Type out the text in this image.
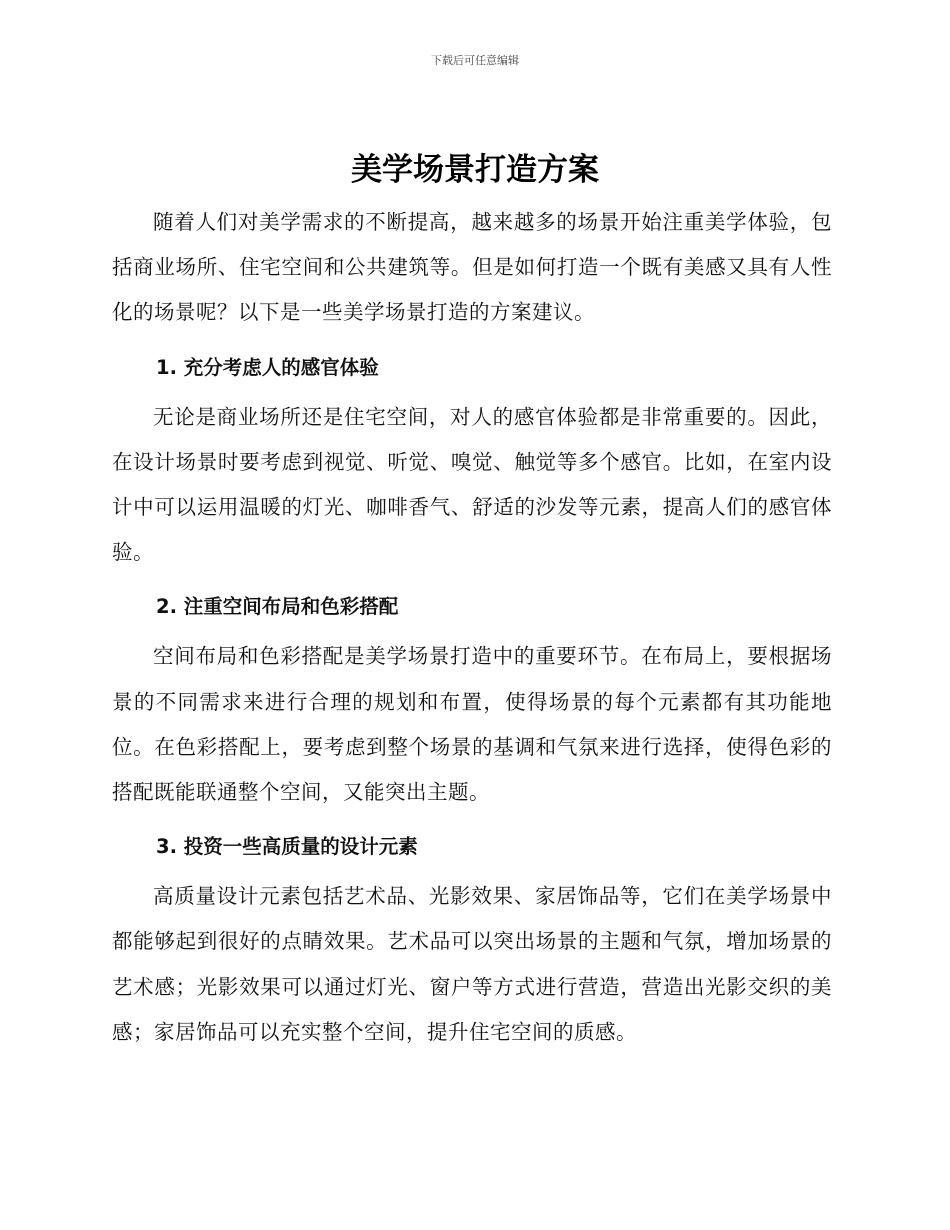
下载后可任意编辑
美学场景打造方案

随着人们对美学需求的不断提高，越来越多的场景开始注重美学体验，包括商业场所、住宅空间和公共建筑等。但是如何打造一个既有美感又具有人性化的场景呢？以下是一些美学场景打造的方案建议。

1. 充分考虑人的感官体验

无论是商业场所还是住宅空间，对人的感官体验都是非常重要的。因此，在设计场景时要考虑到视觉、听觉、嗅觉、触觉等多个感官。比如，在室内设计中可以运用温暖的灯光、咖啡香气、舒适的沙发等元素，提高人们的感官体验。

2. 注重空间布局和色彩搭配

空间布局和色彩搭配是美学场景打造中的重要环节。在布局上，要根据场景的不同需求来进行合理的规划和布置，使得场景的每个元素都有其功能地位。在色彩搭配上，要考虑到整个场景的基调和气氛来进行选择，使得色彩的搭配既能联通整个空间，又能突出主题。

3. 投资一些高质量的设计元素

高质量设计元素包括艺术品、光影效果、家居饰品等，它们在美学场景中都能够起到很好的点睛效果。艺术品可以突出场景的主题和气氛，增加场景的艺术感；光影效果可以通过灯光、窗户等方式进行营造，营造出光影交织的美感；家居饰品可以充实整个空间，提升住宅空间的质感。
